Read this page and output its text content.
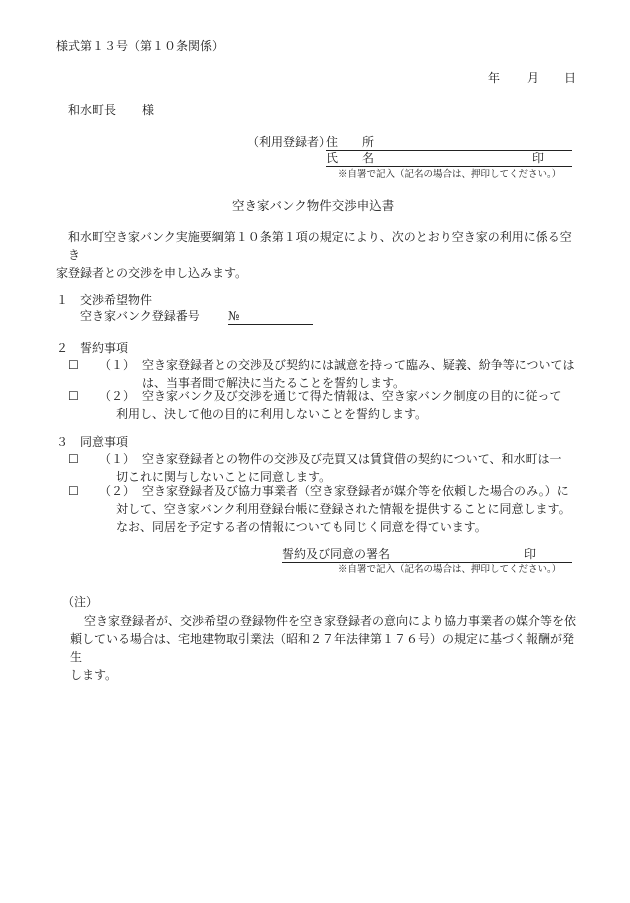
様式第１３号（第１０条関係）
年 月 日
和水町長 様
（利用登録者）
住　　所
氏　　名	印
※自署で記入（記名の場合は、押印してください。）
空き家バンク物件交渉申込書
和水町空き家バンク実施要綱第１０条第１項の規定により、次のとおり空き家の利用に係る空き
家登録者との交渉を申し込みます。
１　交渉希望物件
空き家バンク登録番号 №
２　誓約事項
☐ （１） 空き家登録者との交渉及び契約には誠意を持って臨み、疑義、紛争等については
は、当事者間で解決に当たることを誓約します。
☐ （２） 空き家バンク及び交渉を通じて得た情報は、空き家バンク制度の目的に従って
利用し、決して他の目的に利用しないことを誓約します。
３　同意事項
☐ （１） 空き家登録者との物件の交渉及び売買又は賃貸借の契約について、和水町は一
切これに関与しないことに同意します。
☐ （２） 空き家登録者及び協力事業者（空き家登録者が媒介等を依頼した場合のみ。）に
対して、空き家バンク利用登録台帳に登録された情報を提供することに同意します。
なお、同居を予定する者の情報についても同じく同意を得ています。
誓約及び同意の署名	印
※自署で記入（記名の場合は、押印してください。）
（注）
空き家登録者が、交渉希望の登録物件を空き家登録者の意向により協力事業者の媒介等を依
頼している場合は、宅地建物取引業法（昭和２７年法律第１７６号）の規定に基づく報酬が発生
します。
